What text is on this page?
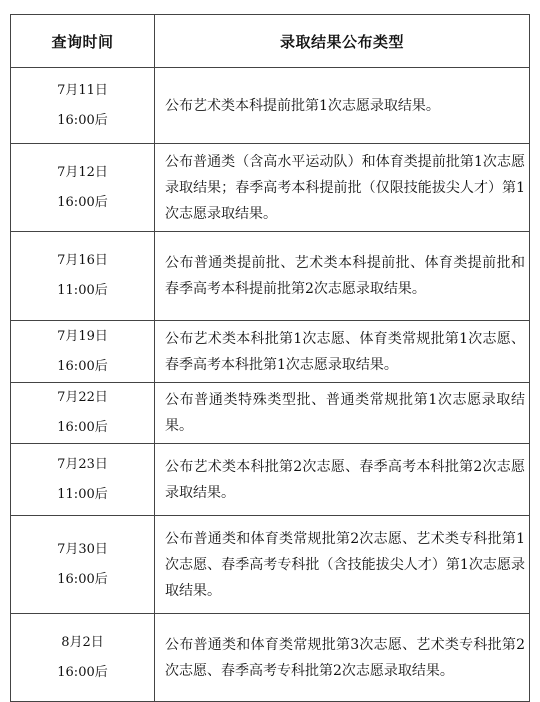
查询时间	录取结果公布类型

7月11日
16:00后	公布艺术类本科提前批第1次志愿录取结果。

7月12日
16:00后	公布普通类（含高水平运动队）和体育类提前批第1次志愿录取结果；春季高考本科提前批（仅限技能拔尖人才）第1次志愿录取结果。

7月16日
11:00后	公布普通类提前批、艺术类本科提前批、体育类提前批和春季高考本科提前批第2次志愿录取结果。

7月19日
16:00后	公布艺术类本科批第1次志愿、体育类常规批第1次志愿、春季高考本科批第1次志愿录取结果。

7月22日
16:00后	公布普通类特殊类型批、普通类常规批第1次志愿录取结果。

7月23日
11:00后	公布艺术类本科批第2次志愿、春季高考本科批第2次志愿录取结果。

7月30日
16:00后	公布普通类和体育类常规批第2次志愿、艺术类专科批第1次志愿、春季高考专科批（含技能拔尖人才）第1次志愿录取结果。

8月2日
16:00后	公布普通类和体育类常规批第3次志愿、艺术类专科批第2次志愿、春季高考专科批第2次志愿录取结果。
